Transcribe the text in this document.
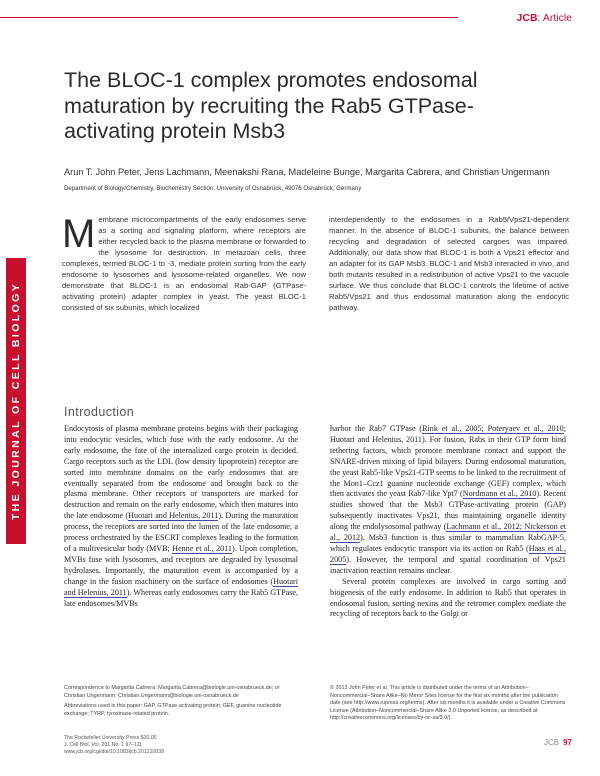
JCB: Article
THE JOURNAL OF CELL BIOLOGY
The BLOC-1 complex promotes endosomal maturation by recruiting the Rab5 GTPase-activating protein Msb3
Arun T. John Peter, Jens Lachmann, Meenakshi Rana, Madeleine Bunge, Margarita Cabrera, and Christian Ungermann
Department of Biology/Chemistry, Biochemistry Section, University of Osnabrück, 49076 Osnabrück, Germany
Membrane microcompartments of the early endosomes serve as a sorting and signaling platform, where receptors are either recycled back to the plasma membrane or forwarded to the lysosome for destruction. In metazoan cells, three complexes, termed BLOC-1 to -3, mediate protein sorting from the early endosome to lysosomes and lysosome-related organelles. We now demonstrate that BLOC-1 is an endosomal Rab-GAP (GTPase-activating protein) adapter complex in yeast. The yeast BLOC-1 consisted of six subunits, which localized
interdependently to the endosomes in a Rab5/Vps21-dependent manner. In the absence of BLOC-1 subunits, the balance between recycling and degradation of selected cargoes was impaired. Additionally, our data show that BLOC-1 is both a Vps21 effector and an adapter for its GAP Msb3. BLOC-1 and Msb3 interacted in vivo, and both mutants resulted in a redistribution of active Vps21 to the vacuole surface. We thus conclude that BLOC-1 controls the lifetime of active Rab5/Vps21 and thus endosomal maturation along the endocytic pathway.
Introduction

Endocytosis of plasma membrane proteins begins with their packaging into endocytic vesicles, which fuse with the early endosome. At the early endosome, the fate of the internalized cargo protein is decided. Cargo receptors such as the LDL (low density lipoprotein) receptor are sorted into membrane domains on the early endosomes that are eventually separated from the endosome and brought back to the plasma membrane. Other receptors or transporters are marked for destruction and remain on the early endosome, which then matures into the late endosome (Huotari and Helenius, 2011). During the maturation process, the receptors are sorted into the lumen of the late endosome, a process orchestrated by the ESCRT complexes leading to the formation of a multivesicular body (MVB; Henne et al., 2011). Upon completion, MVBs fuse with lysosomes, and receptors are degraded by lysosomal hydrolases. Importantly, the maturation event is accompanied by a change in the fusion machinery on the surface of endosomes (Huotari and Helenius, 2011). Whereas early endosomes carry the Rab5 GTPase, late endosomes/MVBs

harbor the Rab7 GTPase (Rink et al., 2005; Poteryaev et al., 2010; Huotari and Helenius, 2011). For fusion, Rabs in their GTP form bind tethering factors, which promote membrane contact and support the SNARE-driven mixing of lipid bilayers. During endosomal maturation, the yeast Rab5-like Vps21-GTP seems to be linked to the recruitment of the Mon1–Ccz1 guanine nucleotide exchange (GEF) complex, which then activates the yeast Rab7-like Ypt7 (Nordmann et al., 2010). Recent studies showed that the Msb3 GTPase-activating protein (GAP) subsequently inactivates Vps21, thus maintaining organelle identity along the endolysosomal pathway (Lachmann et al., 2012; Nickerson et al., 2012). Msb3 function is thus similar to mammalian RabGAP-5, which regulates endocytic transport via its action on Rab5 (Haas et al., 2005). However, the temporal and spatial coordination of Vps21 inactivation reaction remains unclear.

Several protein complexes are involved in cargo sorting and biogenesis of the early endosome. In addition to Rab5 that operates in endosomal fusion, sorting nexins and the retromer complex mediate the recycling of receptors back to the Golgi or

Correspondence to Margarita Cabrera: Margarita.Cabrera@biologie.uni-osnabrueck.de; or Christian Ungermann: Christian.Ungermann@biologie.uni-osnabrueck.de

Abbreviations used in this paper: GAP, GTPase-activating protein; GEF, guanine nucleotide exchange; TYRP, tyrosinase-related protein.

© 2013 John Peter et al. This article is distributed under the terms of an Attribution–Noncommercial–Share Alike–No Mirror Sites license for the first six months after the publication date (see http://www.rupress.org/terms). After six months it is available under a Creative Commons License (Attribution–Noncommercial–Share Alike 3.0 Unported license, as described at http://creativecommons.org/licenses/by-nc-sa/3.0/).

The Rockefeller University Press $30.00
J. Cell Biol. Vol. 201 No. 1 97–111
www.jcb.org/cgi/doi/10.1083/jcb.201210038
JCB 97
